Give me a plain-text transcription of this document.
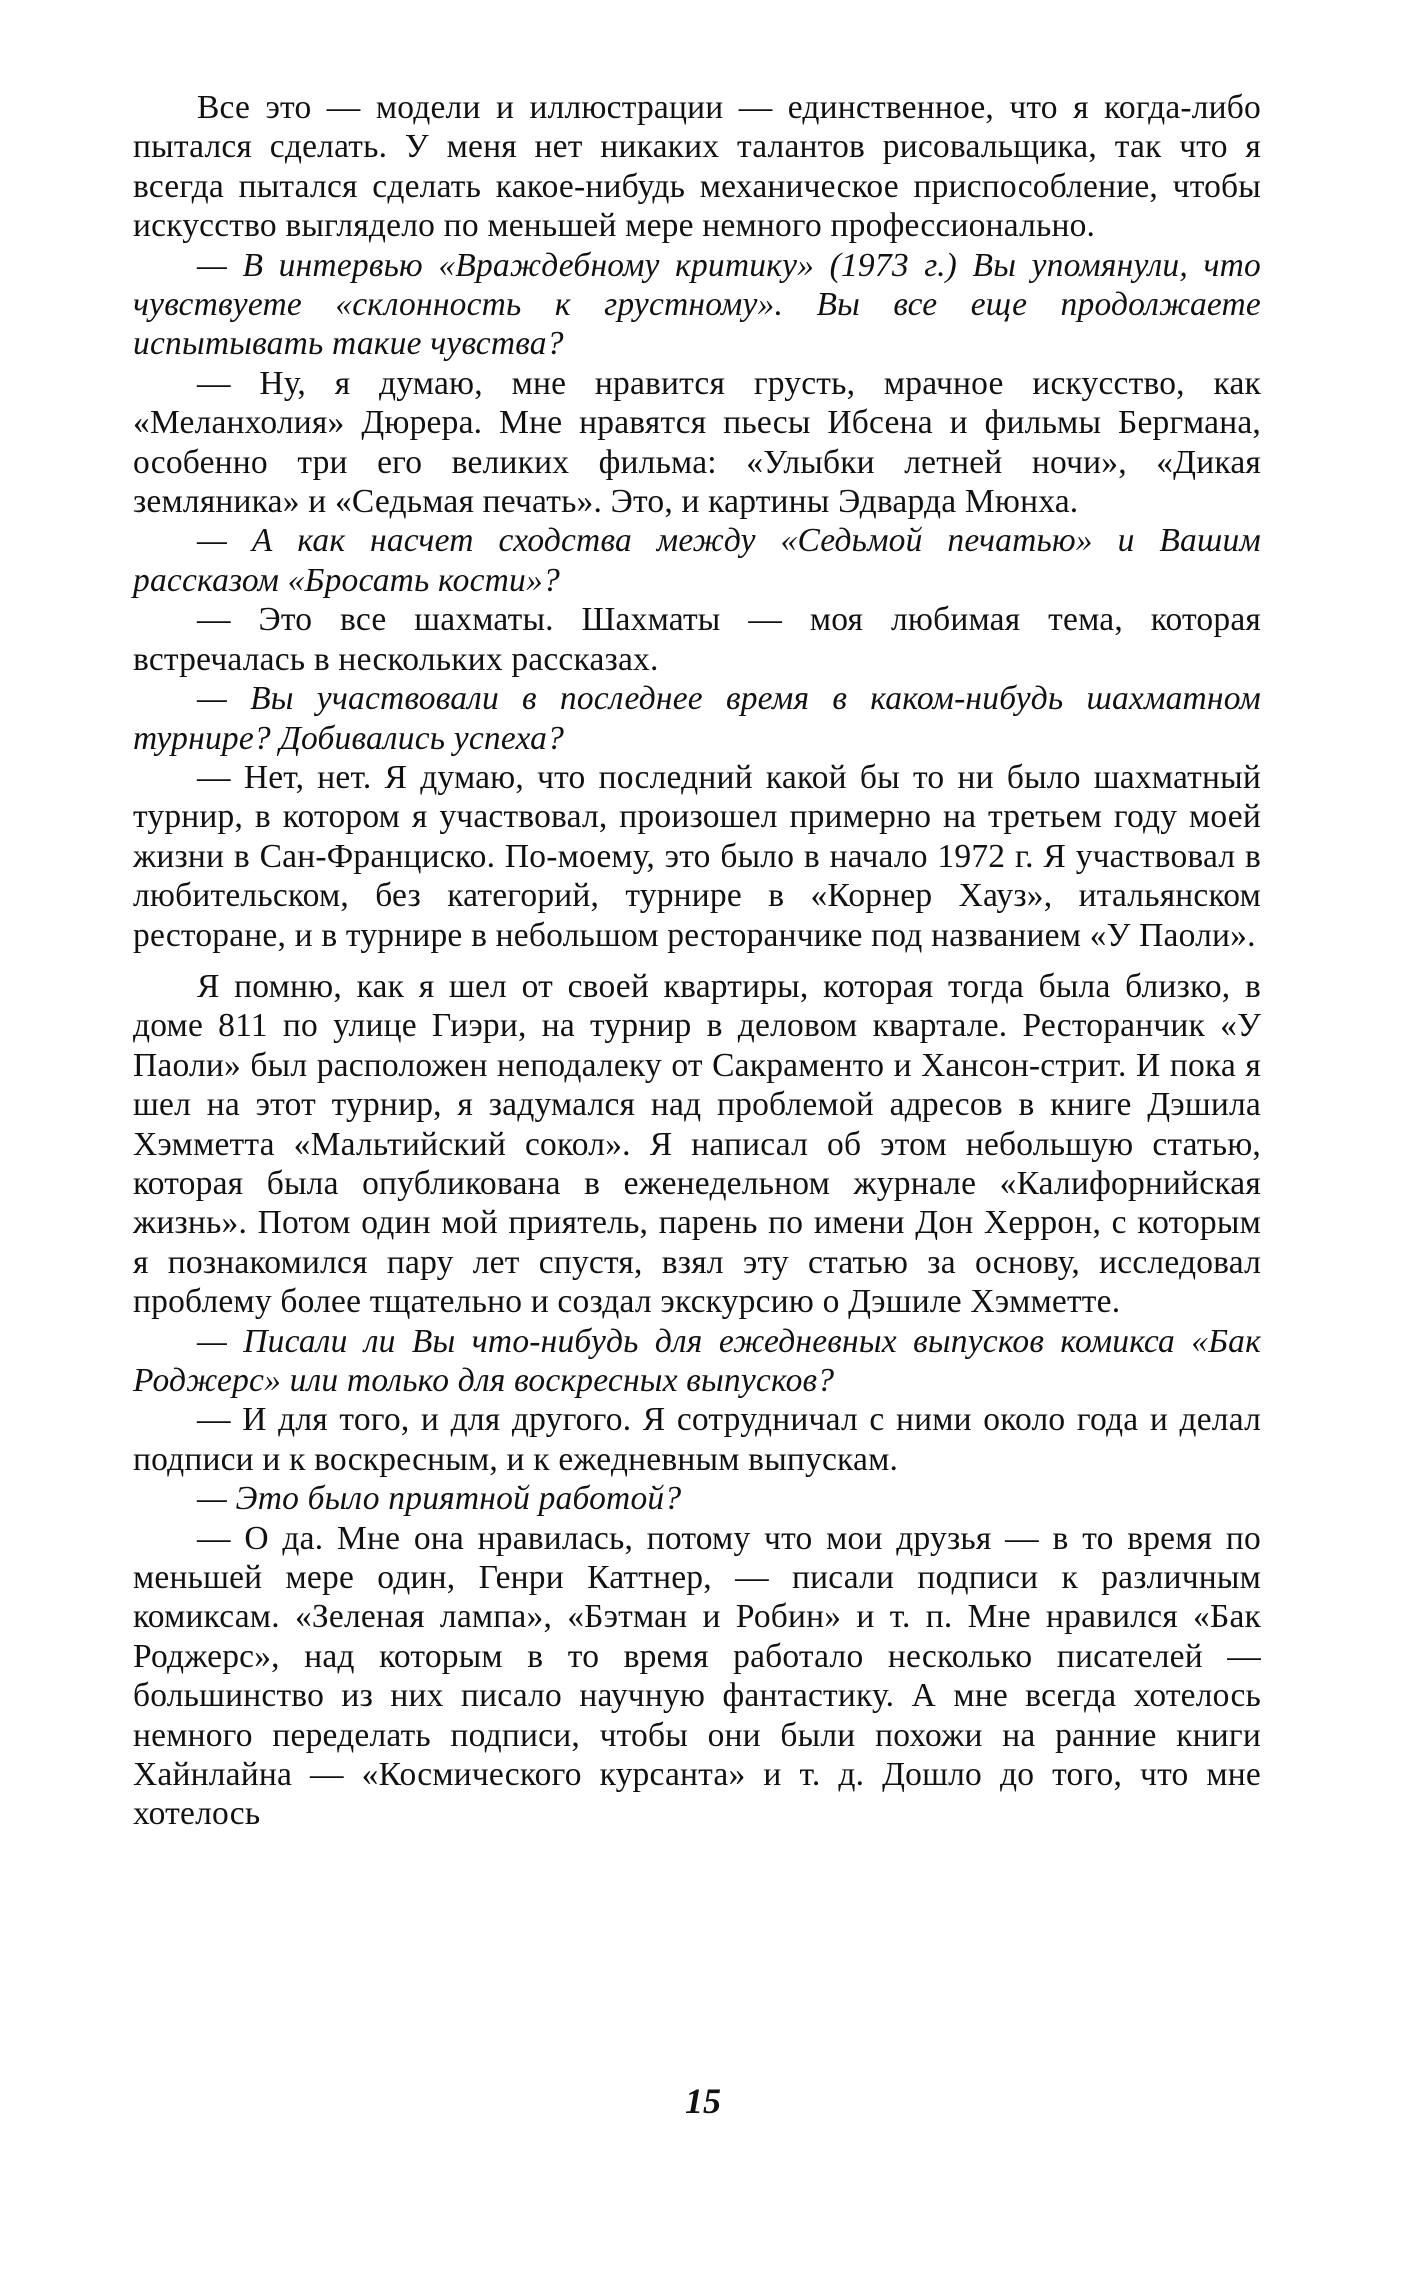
Все это — модели и иллюстрации — единственное, что я когда-либо пытался сделать. У меня нет никаких талантов рисовальщика, так что я всегда пытался сделать какое-нибудь механическое приспособление, чтобы искусство выглядело по меньшей мере немного профессионально.

— В интервью «Враждебному критику» (1973 г.) Вы упомянули, что чувствуете «склонность к грустному». Вы все еще продолжаете испытывать такие чувства?

— Ну, я думаю, мне нравится грусть, мрачное искусство, как «Меланхолия» Дюрера. Мне нравятся пьесы Ибсена и фильмы Бергмана, особенно три его великих фильма: «Улыбки летней ночи», «Дикая земляника» и «Седьмая печать». Это, и картины Эдварда Мюнха.

— А как насчет сходства между «Седьмой печатью» и Вашим рассказом «Бросать кости»?

— Это все шахматы. Шахматы — моя любимая тема, которая встречалась в нескольких рассказах.

— Вы участвовали в последнее время в каком-нибудь шахматном турнире? Добивались успеха?

— Нет, нет. Я думаю, что последний какой бы то ни было шахматный турнир, в котором я участвовал, произошел примерно на третьем году моей жизни в Сан-Франциско. По-моему, это было в начало 1972 г. Я участвовал в любительском, без категорий, турнире в «Корнер Хауз», итальянском ресторане, и в турнире в небольшом ресторанчике под названием «У Паоли».

Я помню, как я шел от своей квартиры, которая тогда была близко, в доме 811 по улице Гиэри, на турнир в деловом квартале. Ресторанчик «У Паоли» был расположен неподалеку от Сакраменто и Хансон-стрит. И пока я шел на этот турнир, я задумался над проблемой адресов в книге Дэшила Хэмметта «Мальтийский сокол». Я написал об этом небольшую статью, которая была опубликована в еженедельном журнале «Калифорнийская жизнь». Потом один мой приятель, парень по имени Дон Херрон, с которым я познакомился пару лет спустя, взял эту статью за основу, исследовал проблему более тщательно и создал экскурсию о Дэшиле Хэмметте.

— Писали ли Вы что-нибудь для ежедневных выпусков комикса «Бак Роджерс» или только для воскресных выпусков?

— И для того, и для другого. Я сотрудничал с ними около года и делал подписи и к воскресным, и к ежедневным выпускам.

— Это было приятной работой?

— О да. Мне она нравилась, потому что мои друзья — в то время по меньшей мере один, Генри Каттнер, — писали подписи к различным комиксам. «Зеленая лампа», «Бэтман и Робин» и т. п. Мне нравился «Бак Роджерс», над которым в то время работало несколько писателей — большинство из них писало научную фантастику. А мне всегда хотелось немного переделать подписи, чтобы они были похожи на ранние книги Хайнлайна — «Космического курсанта» и т. д. Дошло до того, что мне хотелось

15
